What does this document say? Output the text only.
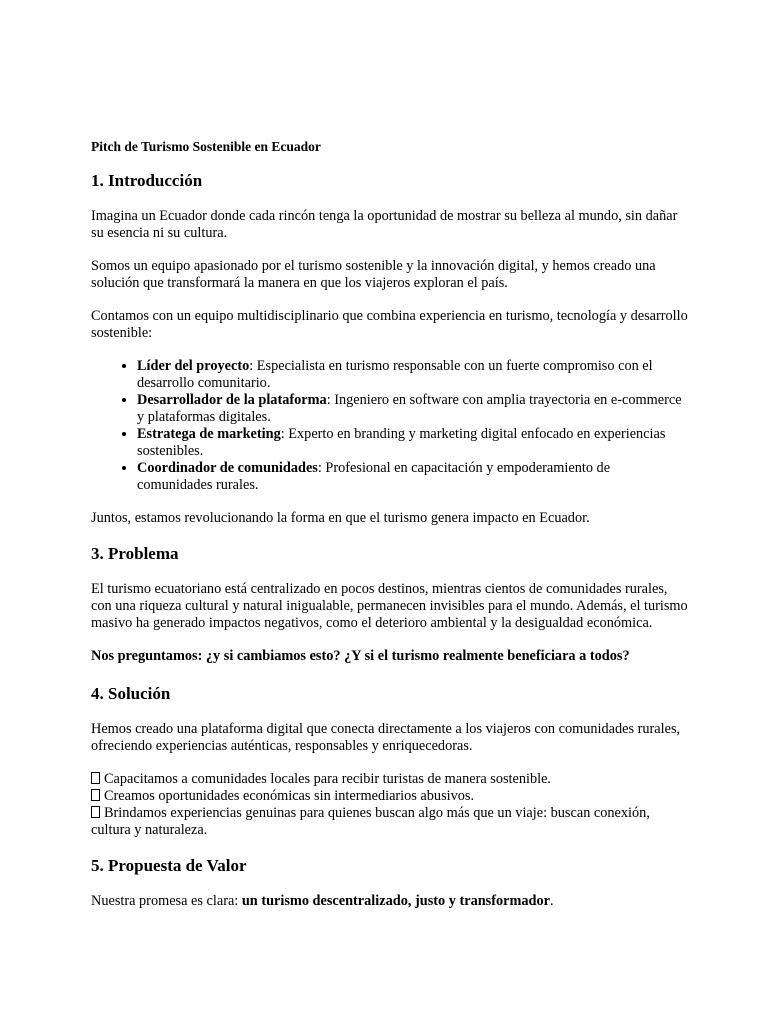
Pitch de Turismo Sostenible en Ecuador
1. Introducción

Imagina un Ecuador donde cada rincón tenga la oportunidad de mostrar su belleza al mundo, sin dañar su esencia ni su cultura.

Somos un equipo apasionado por el turismo sostenible y la innovación digital, y hemos creado una solución que transformará la manera en que los viajeros exploran el país.

Contamos con un equipo multidisciplinario que combina experiencia en turismo, tecnología y desarrollo sostenible:

• Líder del proyecto: Especialista en turismo responsable con un fuerte compromiso con el desarrollo comunitario.
• Desarrollador de la plataforma: Ingeniero en software con amplia trayectoria en e-commerce y plataformas digitales.
• Estratega de marketing: Experto en branding y marketing digital enfocado en experiencias sostenibles.
• Coordinador de comunidades: Profesional en capacitación y empoderamiento de comunidades rurales.

Juntos, estamos revolucionando la forma en que el turismo genera impacto en Ecuador.

3. Problema

El turismo ecuatoriano está centralizado en pocos destinos, mientras cientos de comunidades rurales, con una riqueza cultural y natural inigualable, permanecen invisibles para el mundo. Además, el turismo masivo ha generado impactos negativos, como el deterioro ambiental y la desigualdad económica.

Nos preguntamos: ¿y si cambiamos esto? ¿Y si el turismo realmente beneficiara a todos?
4. Solución

Hemos creado una plataforma digital que conecta directamente a los viajeros con comunidades rurales, ofreciendo experiencias auténticas, responsables y enriquecedoras.

Capacitamos a comunidades locales para recibir turistas de manera sostenible.
Creamos oportunidades económicas sin intermediarios abusivos.
Brindamos experiencias genuinas para quienes buscan algo más que un viaje: buscan conexión, cultura y naturaleza.

5. Propuesta de Valor

Nuestra promesa es clara: un turismo descentralizado, justo y transformador.
